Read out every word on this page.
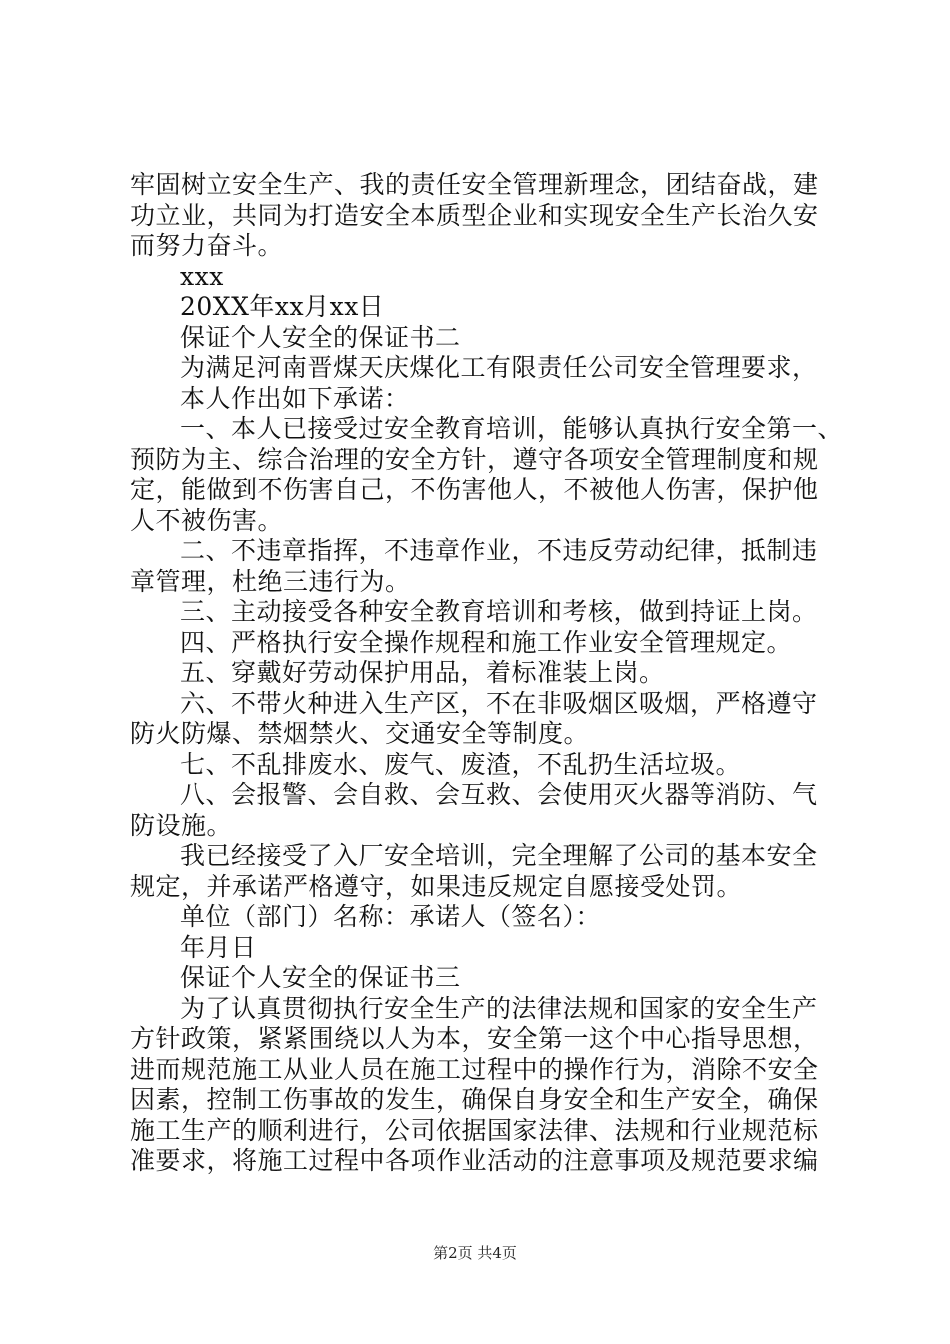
牢固树立安全生产、我的责任安全管理新理念，团结奋战，建
功立业，共同为打造安全本质型企业和实现安全生产长治久安
而努力奋斗。
xxx
20XX年xx月xx日
保证个人安全的保证书二
为满足河南晋煤天庆煤化工有限责任公司安全管理要求，
本人作出如下承诺：
一、本人已接受过安全教育培训，能够认真执行安全第一、
预防为主、综合治理的安全方针，遵守各项安全管理制度和规
定，能做到不伤害自己，不伤害他人，不被他人伤害，保护他
人不被伤害。
二、不违章指挥，不违章作业，不违反劳动纪律，抵制违
章管理，杜绝三违行为。
三、主动接受各种安全教育培训和考核，做到持证上岗。
四、严格执行安全操作规程和施工作业安全管理规定。
五、穿戴好劳动保护用品，着标准装上岗。
六、不带火种进入生产区，不在非吸烟区吸烟，严格遵守
防火防爆、禁烟禁火、交通安全等制度。
七、不乱排废水、废气、废渣，不乱扔生活垃圾。
八、会报警、会自救、会互救、会使用灭火器等消防、气
防设施。
我已经接受了入厂安全培训，完全理解了公司的基本安全
规定，并承诺严格遵守，如果违反规定自愿接受处罚。
单位（部门）名称：承诺人（签名）：
年月日
保证个人安全的保证书三
为了认真贯彻执行安全生产的法律法规和国家的安全生产
方针政策，紧紧围绕以人为本，安全第一这个中心指导思想，
进而规范施工从业人员在施工过程中的操作行为，消除不安全
因素，控制工伤事故的发生，确保自身安全和生产安全，确保
施工生产的顺利进行，公司依据国家法律、法规和行业规范标
准要求，将施工过程中各项作业活动的注意事项及规范要求编
第2页 共4页
